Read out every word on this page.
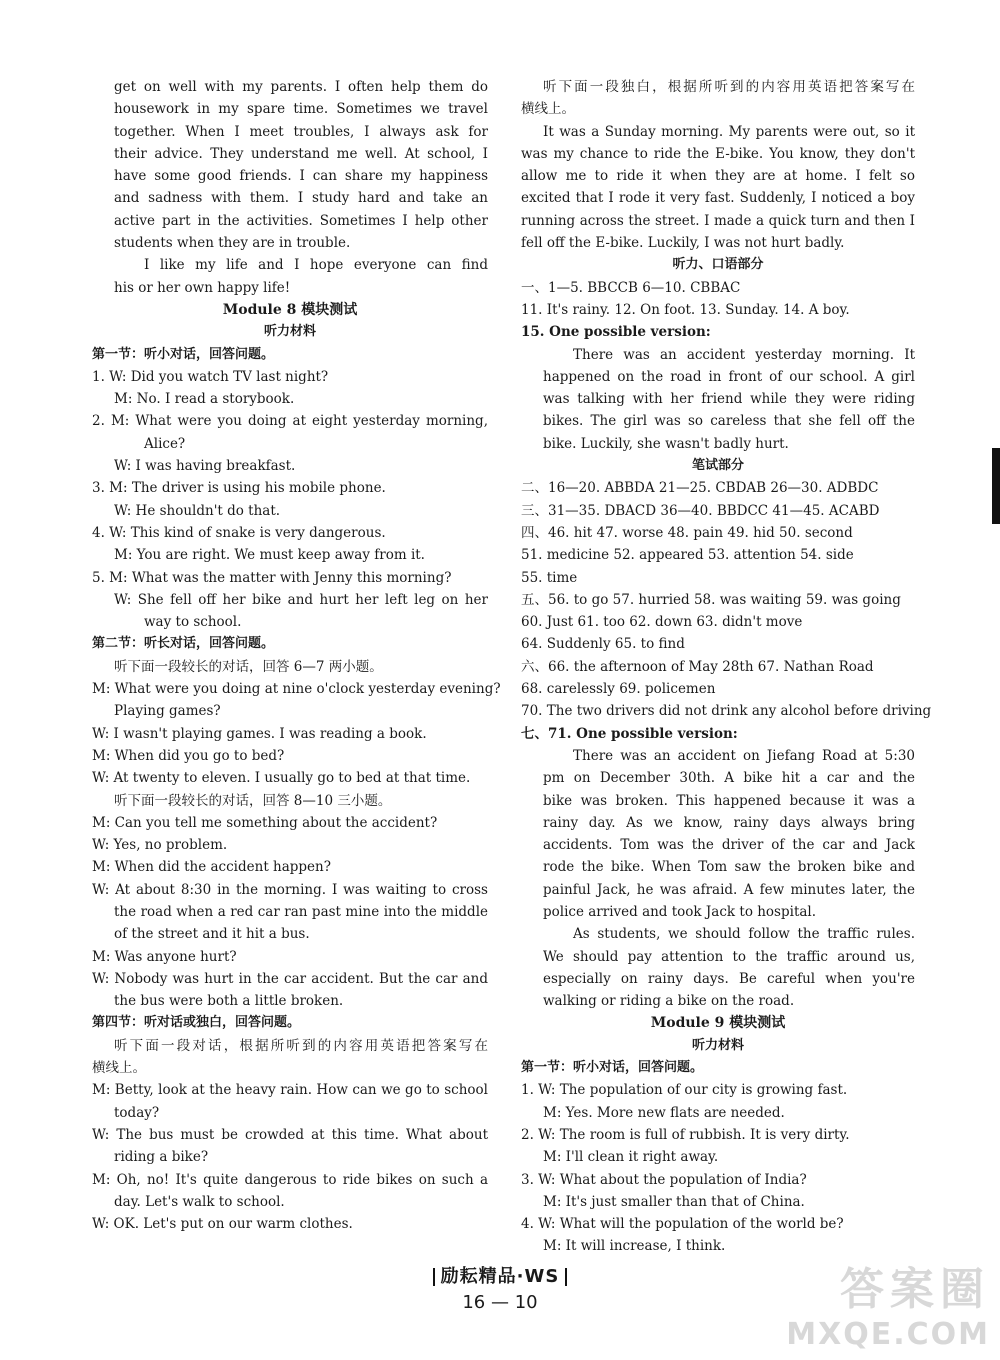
get on well with my parents. I often help them do
housework in my spare time. Sometimes we travel
together. When I meet troubles, I always ask for
their advice. They understand me well. At school, I
have some good friends. I can share my happiness
and sadness with them. I study hard and take an
active part in the activities. Sometimes I help other
students when they are in trouble.
I like my life and I hope everyone can find
his or her own happy life!
Module 8 模块测试
听力材料
第一节：听小对话，回答问题。
1. W: Did you watch TV last night?
M: No. I read a storybook.
2. M: What were you doing at eight yesterday morning,
Alice?
W: I was having breakfast.
3. M: The driver is using his mobile phone.
W: He shouldn't do that.
4. W: This kind of snake is very dangerous.
M: You are right. We must keep away from it.
5. M: What was the matter with Jenny this morning?
W: She fell off her bike and hurt her left leg on her
way to school.
第二节：听长对话，回答问题。
听下面一段较长的对话，回答 6—7 两小题。
M: What were you doing at nine o'clock yesterday evening?
Playing games?
W: I wasn't playing games. I was reading a book.
M: When did you go to bed?
W: At twenty to eleven. I usually go to bed at that time.
听下面一段较长的对话，回答 8—10 三小题。
M: Can you tell me something about the accident?
W: Yes, no problem.
M: When did the accident happen?
W: At about 8:30 in the morning. I was waiting to cross
the road when a red car ran past mine into the middle
of the street and it hit a bus.
M: Was anyone hurt?
W: Nobody was hurt in the car accident. But the car and
the bus were both a little broken.
第四节：听对话或独白，回答问题。
听下面一段对话，根据所听到的内容用英语把答案写在
横线上。
M: Betty, look at the heavy rain. How can we go to school
today?
W: The bus must be crowded at this time. What about
riding a bike?
M: Oh, no! It's quite dangerous to ride bikes on such a
day. Let's walk to school.
W: OK. Let's put on our warm clothes.
听下面一段独白，根据所听到的内容用英语把答案写在
横线上。
It was a Sunday morning. My parents were out, so it
was my chance to ride the E-bike. You know, they don't
allow me to ride it when they are at home. I felt so
excited that I rode it very fast. Suddenly, I noticed a boy
running across the street. I made a quick turn and then I
fell off the E-bike. Luckily, I was not hurt badly.
听力、口语部分
一、1—5. BBCCB 6—10. CBBAC
11. It's rainy. 12. On foot. 13. Sunday. 14. A boy.
15. One possible version:
There was an accident yesterday morning. It
happened on the road in front of our school. A girl
was talking with her friend while they were riding
bikes. The girl was so careless that she fell off the
bike. Luckily, she wasn't badly hurt.
笔试部分
二、16—20. ABBDA 21—25. CBDAB 26—30. ADBDC
三、31—35. DBACD 36—40. BBDCC 41—45. ACABD
四、46. hit 47. worse 48. pain 49. hid 50. second
51. medicine 52. appeared 53. attention 54. side
55. time
五、56. to go 57. hurried 58. was waiting 59. was going
60. Just 61. too 62. down 63. didn't move
64. Suddenly 65. to find
六、66. the afternoon of May 28th 67. Nathan Road
68. carelessly 69. policemen
70. The two drivers did not drink any alcohol before driving
七、71. One possible version:
There was an accident on Jiefang Road at 5:30
pm on December 30th. A bike hit a car and the
bike was broken. This happened because it was a
rainy day. As we know, rainy days always bring
accidents. Tom was the driver of the car and Jack
rode the bike. When Tom saw the broken bike and
painful Jack, he was afraid. A few minutes later, the
police arrived and took Jack to hospital.
As students, we should follow the traffic rules.
We should pay attention to the traffic around us,
especially on rainy days. Be careful when you're
walking or riding a bike on the road.
Module 9 模块测试
听力材料
第一节：听小对话，回答问题。
1. W: The population of our city is growing fast.
M: Yes. More new flats are needed.
2. W: The room is full of rubbish. It is very dirty.
M: I'll clean it right away.
3. W: What about the population of India?
M: It's just smaller than that of China.
4. W: What will the population of the world be?
M: It will increase, I think.
励耘精品·WS
16 — 10	答案圈
MXQE.COM
